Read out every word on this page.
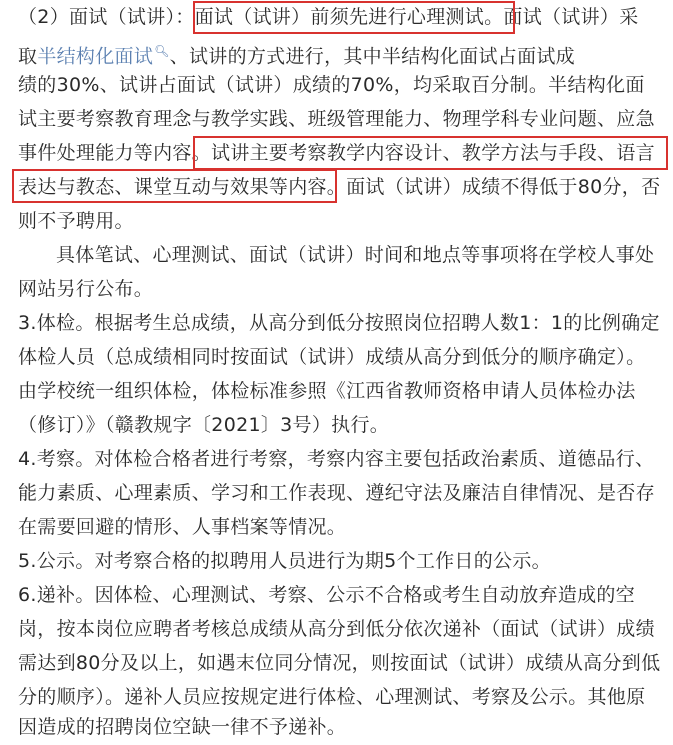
（2）面试（试讲）：面试（试讲）前须先进行心理测试。面试（试讲）采
取半结构化面试🔍︎、试讲的方式进行，其中半结构化面试占面试成
绩的30%、试讲占面试（试讲）成绩的70%，均采取百分制。半结构化面
试主要考察教育理念与教学实践、班级管理能力、物理学科专业问题、应急
事件处理能力等内容。试讲主要考察教学内容设计、教学方法与手段、语言
表达与教态、课堂互动与效果等内容。面试（试讲）成绩不得低于80分，否
则不予聘用。
具体笔试、心理测试、面试（试讲）时间和地点等事项将在学校人事处
网站另行公布。
3.体检。根据考生总成绩，从高分到低分按照岗位招聘人数1：1的比例确定
体检人员（总成绩相同时按面试（试讲）成绩从高分到低分的顺序确定）。
由学校统一组织体检，体检标准参照《江西省教师资格申请人员体检办法
（修订）》（赣教规字〔2021〕3号）执行。
4.考察。对体检合格者进行考察，考察内容主要包括政治素质、道德品行、
能力素质、心理素质、学习和工作表现、遵纪守法及廉洁自律情况、是否存
在需要回避的情形、人事档案等情况。
5.公示。对考察合格的拟聘用人员进行为期5个工作日的公示。
6.递补。因体检、心理测试、考察、公示不合格或考生自动放弃造成的空
岗，按本岗位应聘者考核总成绩从高分到低分依次递补（面试（试讲）成绩
需达到80分及以上，如遇末位同分情况，则按面试（试讲）成绩从高分到低
分的顺序）。递补人员应按规定进行体检、心理测试、考察及公示。其他原
因造成的招聘岗位空缺一律不予递补。
